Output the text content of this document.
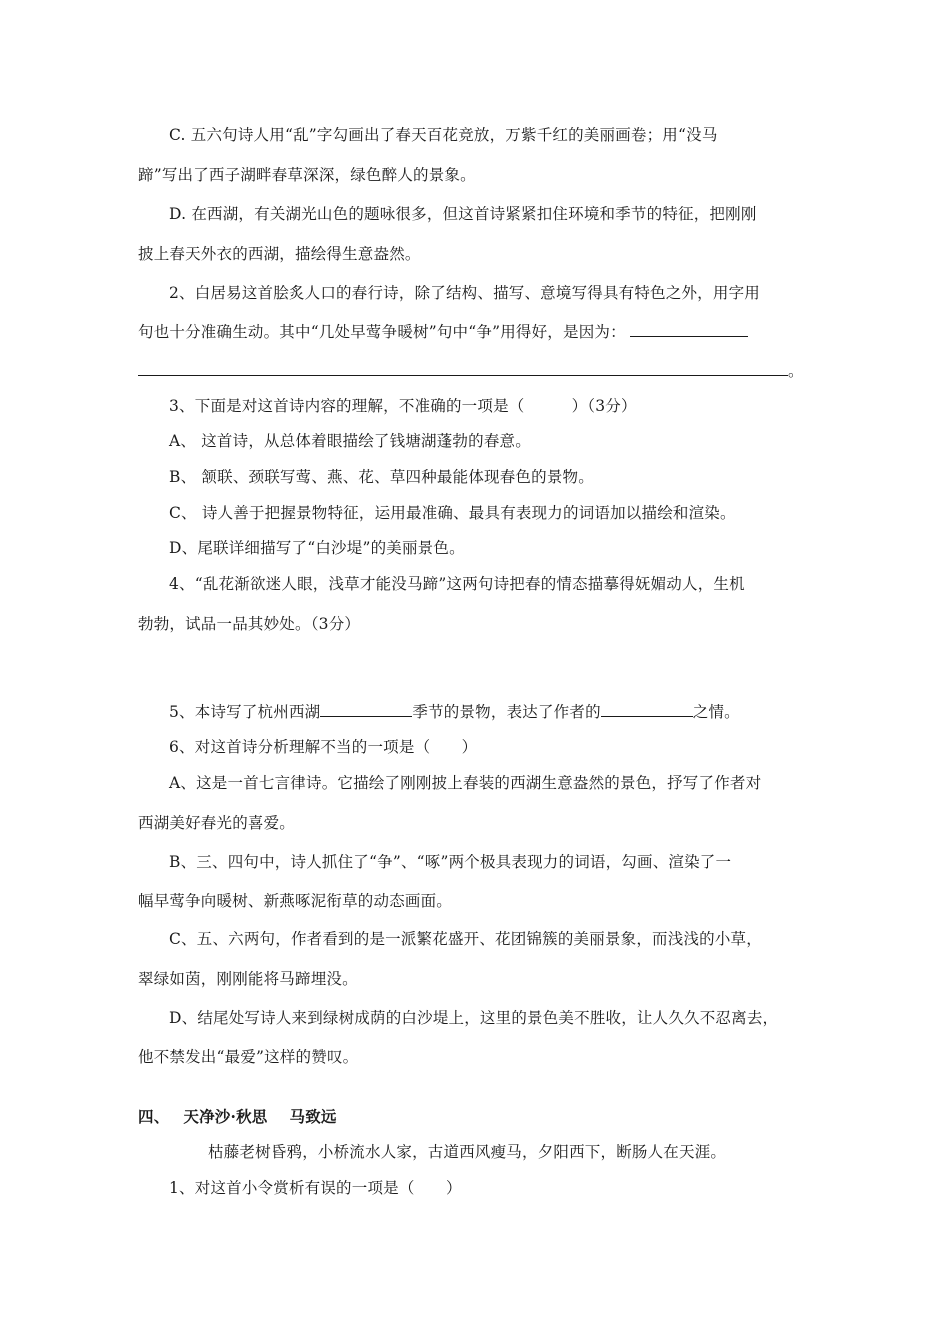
C. 五六句诗人用“乱”字勾画出了春天百花竞放，万紫千红的美丽画卷；用“没马
蹄”写出了西子湖畔春草深深，绿色醉人的景象。
D. 在西湖，有关湖光山色的题咏很多，但这首诗紧紧扣住环境和季节的特征，把刚刚
披上春天外衣的西湖，描绘得生意盎然。
2、白居易这首脍炙人口的春行诗，除了结构、描写、意境写得具有特色之外，用字用
句也十分准确生动。其中“几处早莺争暖树”句中“争”用得好，是因为：
。
3、下面是对这首诗内容的理解，不准确的一项是（　　　）（3分）
A、 这首诗，从总体着眼描绘了钱塘湖蓬勃的春意。
B、 颔联、颈联写莺、燕、花、草四种最能体现春色的景物。
C、 诗人善于把握景物特征，运用最准确、最具有表现力的词语加以描绘和渲染。
D、尾联详细描写了“白沙堤”的美丽景色。
4、“乱花渐欲迷人眼，浅草才能没马蹄”这两句诗把春的情态描摹得妩媚动人，生机
勃勃，试品一品其妙处。（3分）
5、本诗写了杭州西湖	季节的景物，表达了作者的	之情。
6、对这首诗分析理解不当的一项是（　　）
A、这是一首七言律诗。它描绘了刚刚披上春装的西湖生意盎然的景色，抒写了作者对
西湖美好春光的喜爱。
B、三、四句中，诗人抓住了“争”、“啄”两个极具表现力的词语，勾画、渲染了一
幅早莺争向暖树、新燕啄泥衔草的动态画面。
C、五、六两句，作者看到的是一派繁花盛开、花团锦簇的美丽景象，而浅浅的小草，
翠绿如茵，刚刚能将马蹄埋没。
D、结尾处写诗人来到绿树成荫的白沙堤上，这里的景色美不胜收，让人久久不忍离去，
他不禁发出“最爱”这样的赞叹。
四、 天净沙·秋思 马致远
枯藤老树昏鸦，小桥流水人家，古道西风瘦马，夕阳西下，断肠人在天涯。
1、对这首小令赏析有误的一项是（　　）
